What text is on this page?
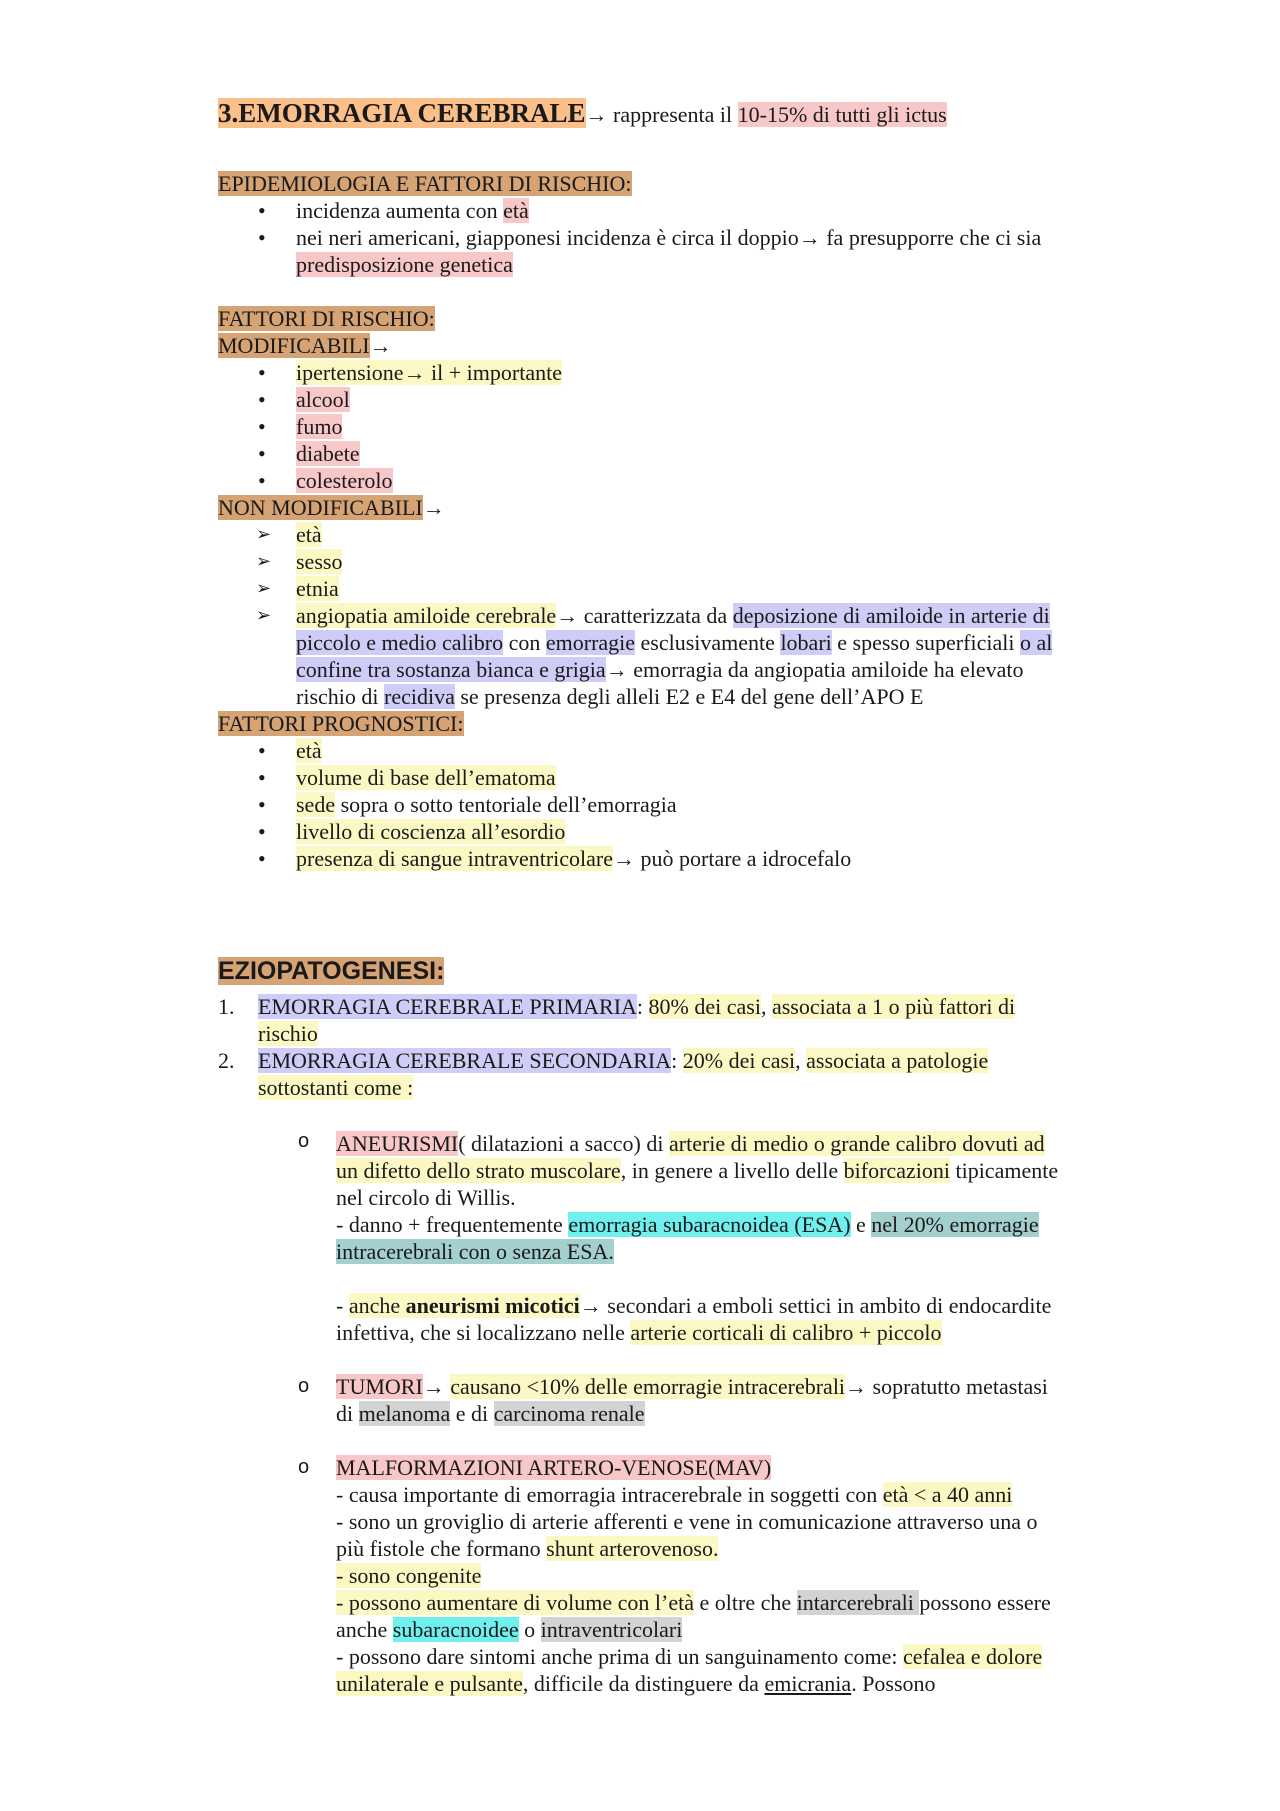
3.EMORRAGIA CEREBRALE→ rappresenta il 10-15% di tutti gli ictus
EPIDEMIOLOGIA E FATTORI DI RISCHIO:
• incidenza aumenta con età
• nei neri americani, giapponesi incidenza è circa il doppio→ fa presupporre che ci sia predisposizione genetica
FATTORI DI RISCHIO:
MODIFICABILI→
• ipertensione→ il + importante
• alcool
• fumo
• diabete
• colesterolo
NON MODIFICABILI→
➢ età
➢ sesso
➢ etnia
➢ angiopatia amiloide cerebrale→ caratterizzata da deposizione di amiloide in arterie di piccolo e medio calibro con emorragie esclusivamente lobari e spesso superficiali o al confine tra sostanza bianca e grigia→ emorragia da angiopatia amiloide ha elevato rischio di recidiva se presenza degli alleli E2 e E4 del gene dell’APO E
FATTORI PROGNOSTICI:
• età
• volume di base dell’ematoma
• sede sopra o sotto tentoriale dell’emorragia
• livello di coscienza all’esordio
• presenza di sangue intraventricolare→ può portare a idrocefalo
EZIOPATOGENESI:
1. EMORRAGIA CEREBRALE PRIMARIA: 80% dei casi, associata a 1 o più fattori di rischio
2. EMORRAGIA CEREBRALE SECONDARIA: 20% dei casi, associata a patologie sottostanti come :
o ANEURISMI( dilatazioni a sacco) di arterie di medio o grande calibro dovuti ad un difetto dello strato muscolare, in genere a livello delle biforcazioni tipicamente nel circolo di Willis.
- danno + frequentemente emorragia subaracnoidea (ESA) e nel 20% emorragie intracerebrali con o senza ESA.
- anche aneurismi micotici→ secondari a emboli settici in ambito di endocardite infettiva, che si localizzano nelle arterie corticali di calibro + piccolo
o TUMORI→ causano <10% delle emorragie intracerebrali→ sopratutto metastasi di melanoma e di carcinoma renale
o MALFORMAZIONI ARTERO-VENOSE(MAV)
- causa importante di emorragia intracerebrale in soggetti con età < a 40 anni
- sono un groviglio di arterie afferenti e vene in comunicazione attraverso una o più fistole che formano shunt arterovenoso.
- sono congenite
- possono aumentare di volume con l’età e oltre che intarcerebrali possono essere anche subaracnoidee o intraventricolari
- possono dare sintomi anche prima di un sanguinamento come: cefalea e dolore unilaterale e pulsante, difficile da distinguere da emicrania. Possono
